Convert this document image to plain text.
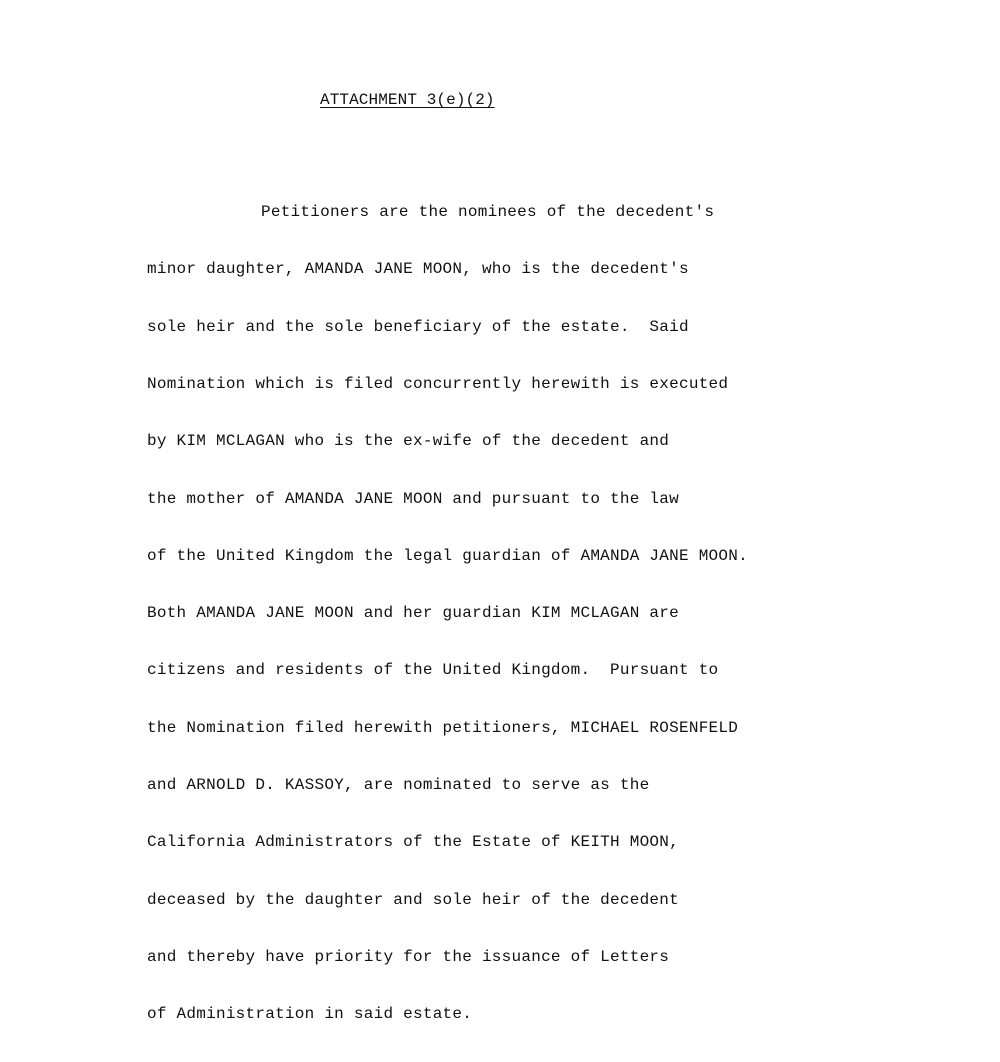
ATTACHMENT 3(e)(2)

Petitioners are the nominees of the decedent's

minor daughter, AMANDA JANE MOON, who is the decedent's

sole heir and the sole beneficiary of the estate.  Said

Nomination which is filed concurrently herewith is executed

by KIM MCLAGAN who is the ex-wife of the decedent and

the mother of AMANDA JANE MOON and pursuant to the law

of the United Kingdom the legal guardian of AMANDA JANE MOON.

Both AMANDA JANE MOON and her guardian KIM MCLAGAN are

citizens and residents of the United Kingdom.  Pursuant to

the Nomination filed herewith petitioners, MICHAEL ROSENFELD

and ARNOLD D. KASSOY, are nominated to serve as the

California Administrators of the Estate of KEITH MOON,

deceased by the daughter and sole heir of the decedent

and thereby have priority for the issuance of Letters

of Administration in said estate.
